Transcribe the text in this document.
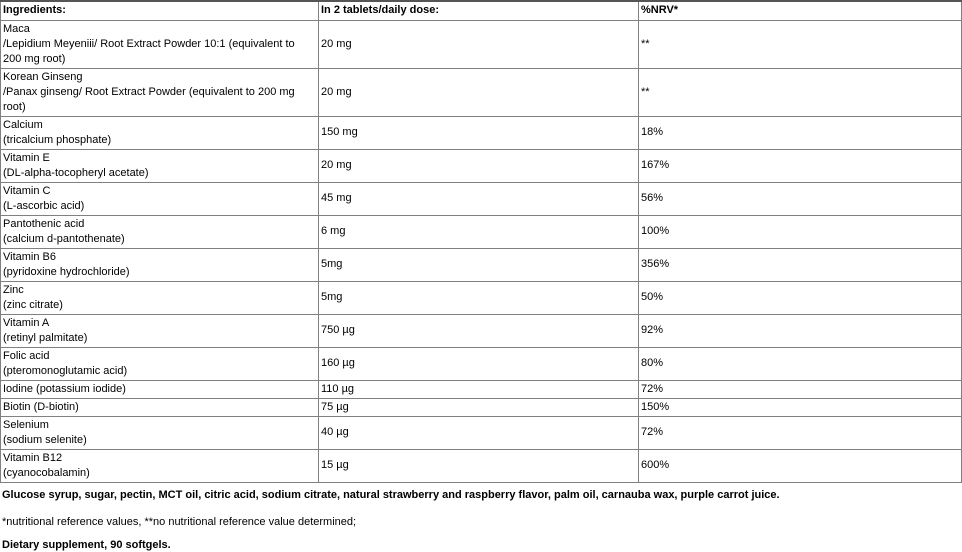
Ingredients:	In 2 tablets/daily dose:	%NRV*

Maca
/Lepidium Meyeniii/ Root Extract Powder 10:1 (equivalent to 200 mg root)	20 mg	**

Korean Ginseng
/Panax ginseng/ Root Extract Powder (equivalent to 200 mg root)	20 mg	**

Calcium
(tricalcium phosphate)	150 mg	18%

Vitamin E
(DL-alpha-tocopheryl acetate)	20 mg	167%

Vitamin C
(L-ascorbic acid)	45 mg	56%

Pantothenic acid
(calcium d-pantothenate)	6 mg	100%

Vitamin B6
(pyridoxine hydrochloride)	5mg	356%

Zinc
(zinc citrate)	5mg	50%

Vitamin A
(retinyl palmitate)	750 µg	92%

Folic acid
(pteromonoglutamic acid)	160 µg	80%

Iodine (potassium iodide)	110 µg	72%

Biotin (D-biotin)	75 µg	150%

Selenium
(sodium selenite)	40 µg	72%

Vitamin B12
(cyanocobalamin)	15 µg	600%

Glucose syrup, sugar, pectin, MCT oil, citric acid, sodium citrate, natural strawberry and raspberry flavor, palm oil, carnauba wax, purple carrot juice.

*nutritional reference values, **no nutritional reference value determined;

Dietary supplement, 90 softgels.
